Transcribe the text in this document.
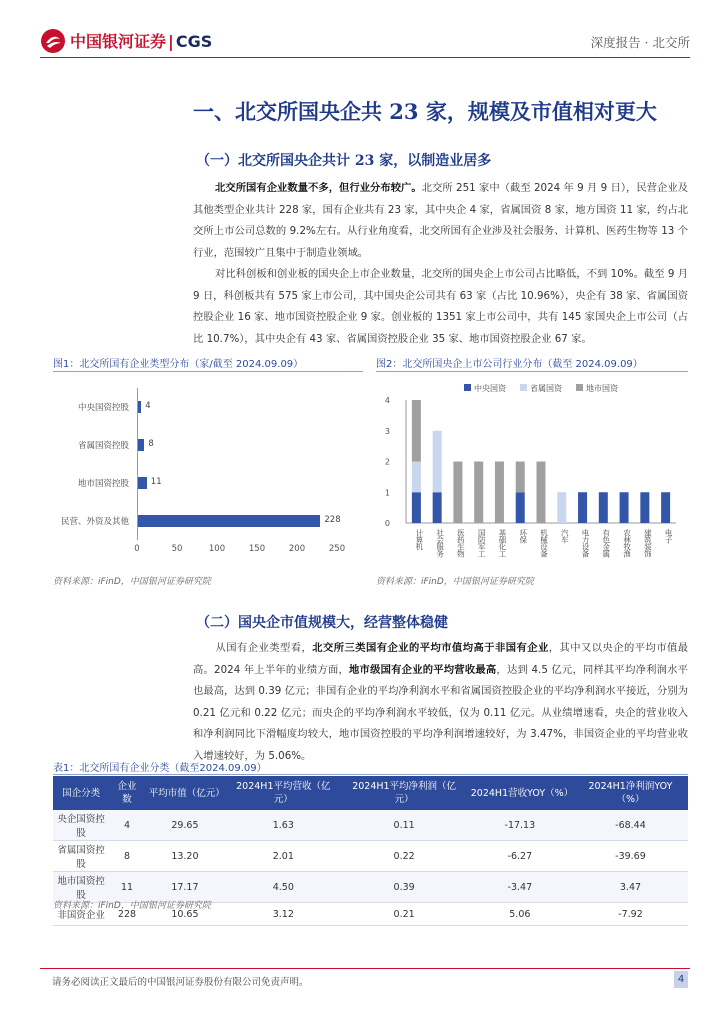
中国银河证券 | CGS	深度报告 · 北交所
一、北交所国央企共 23 家，规模及市值相对更大
（一）北交所国央企共计 23 家，以制造业居多
北交所国有企业数量不多，但行业分布较广。北交所 251 家中（截至 2024 年 9 月 9 日），民营企业及其他类型企业共计 228 家，国有企业共有 23 家，其中央企 4 家，省属国资 8 家，地方国资 11 家，约占北交所上市公司总数的 9.2%左右。从行业角度看，北交所国有企业涉及社会服务、计算机、医药生物等 13 个行业，范围较广且集中于制造业领域。
对比科创板和创业板的国央企上市企业数量，北交所的国央企上市公司占比略低，不到 10%。截至 9 月 9 日，科创板共有 575 家上市公司，其中国央企公司共有 63 家（占比 10.96%），央企有 38 家、省属国资控股企业 16 家、地市国资控股企业 9 家。创业板的 1351 家上市公司中，共有 145 家国央企上市公司（占比 10.7%），其中央企有 43 家、省属国资控股企业 35 家、地市国资控股企业 67 家。
图1：北交所国有企业类型分布（家/截至 2024.09.09）
中央国资控股 4
省属国资控股 8
地市国资控股	11
民营、外资及其他	228
0	50	100	150	200	250
资料来源：iFinD，中国银河证券研究院
图2：北交所国央企上市公司行业分布（截至 2024.09.09）
中央国资	省属国资	地市国资
0
1
2
3
4
计算机 社会服务 医药生物 国防军工 基础化工 环保 机械设备 汽车 电力设备 有色金属 农林牧渔 建筑装饰 电子
资料来源：iFinD，中国银河证券研究院
（二）国央企市值规模大，经营整体稳健
从国有企业类型看，北交所三类国有企业的平均市值均高于非国有企业，其中又以央企的平均市值最高。2024 年上半年的业绩方面，地市级国有企业的平均营收最高，达到 4.5 亿元，同样其平均净利润水平也最高，达到 0.39 亿元；非国有企业的平均净利润水平和省属国资控股企业的平均净利润水平接近，分别为 0.21 亿元和 0.22 亿元；而央企的平均净利润水平较低，仅为 0.11 亿元。从业绩增速看，央企的营业收入和净利润同比下滑幅度均较大，地市国资控股的平均净利润增速较好，为 3.47%，非国资企业的平均营业收入增速较好，为 5.06%。
表1：北交所国有企业分类（截至2024.09.09）
国企分类	企业数	平均市值（亿元）	2024H1平均营收（亿元）	2024H1平均净利润（亿元）	2024H1营收YOY（%）	2024H1净利润YOY（%）
央企国资控股	4	29.65	1.63	0.11	-17.13	-68.44
省属国资控股	8	13.20	2.01	0.22	-6.27	-39.69
地市国资控股	11	17.17	4.50	0.39	-3.47	3.47
非国资企业	228	10.65	3.12	0.21	5.06	-7.92
资料来源：iFinD，中国银河证券研究院
请务必阅读正文最后的中国银河证券股份有限公司免责声明。	4
